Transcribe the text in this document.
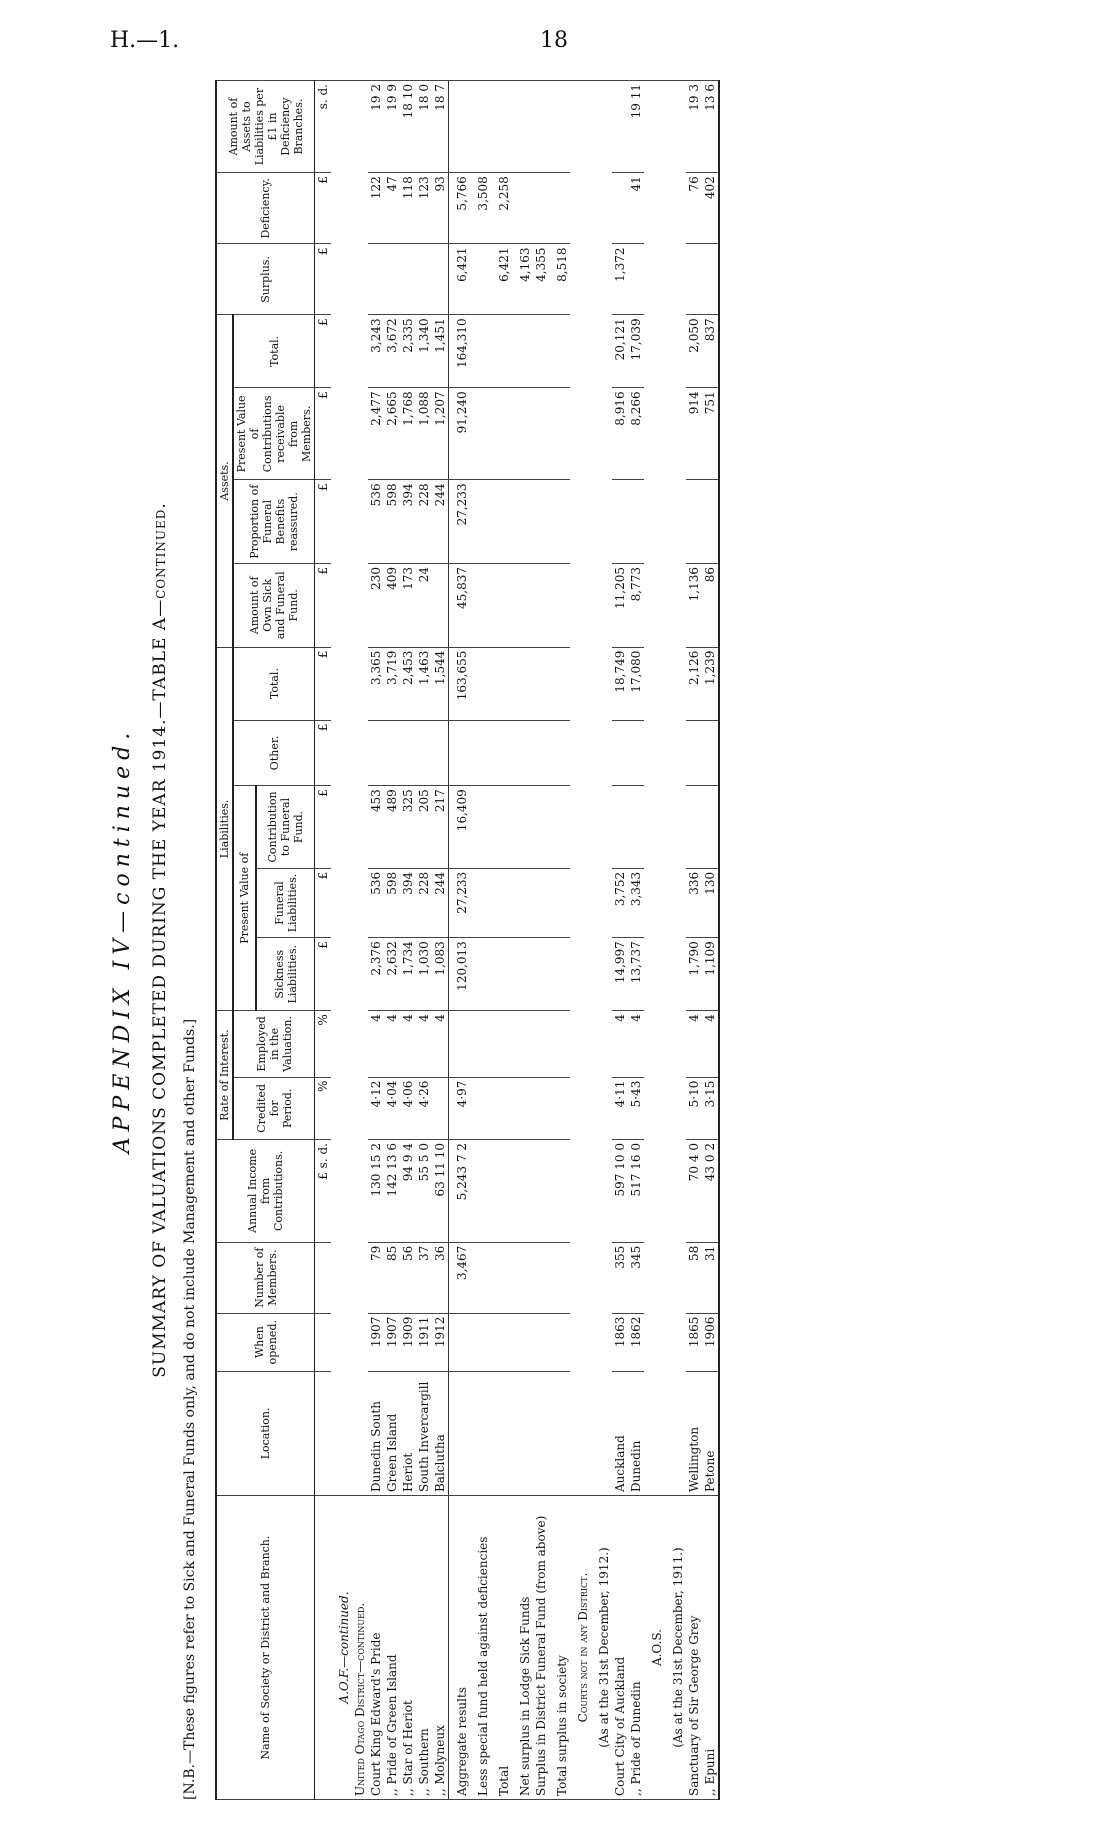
H.—1.	18
APPENDIX IV—continued. SUMMARY OF VALUATIONS COMPLETED DURING THE YEAR 1914.—TABLE A—continued.
[N.B.—These figures refer to Sick and Funeral Funds only, and do not include Management and other Funds.]	Name of Society or District and Branch.	Location.	When opened.	Number of Members.	Annual Income from Contributions.	Rate of Interest.		Liabilities.					Assets.				Surplus.	Deficiency.	Amount of Assets to Liabilities per £1 in Deficiency Branches.
					Credited for Period.	Employed in the Valuation.	Present Value of			Other.	Total.	Amount of Own Sick and Funeral Fund.	Proportion of Funeral Benefits reassured.	Present Value of Contributions receivable from Members.	Total.			
							Sickness Liabilities.	Funeral Liabilities.	Contribution to Funeral Fund.									
				£ s. d.	%	%	£	£	£	£	£	£	£	£	£	£	£	s. d.
A.O.F.—continued.																		
United Otago District—continued.																		
Court King Edward's Pride	Dunedin South	1907	79	130 15 2	4·12	4	2,376	536	453		3,365	230	536	2,477	3,243		122	19 2
,, Pride of Green Island	Green Island	1907	85	142 13 6	4·04	4	2,632	598	489		3,719	409	598	2,665	3,672		47	19 9
,, Star of Heriot	Heriot	1909	56	94 9 4	4·06	4	1,734	394	325		2,453	173	394	1,768	2,335		118	18 10
,, Southern	South Invercargill	1911	37	55 5 0	4·26	4	1,030	228	205		1,463	24	228	1,088	1,340		123	18 0
,, Molyneux	Balclutha	1912	36	63 11 10		4	1,083	244	217		1,544		244	1,207	1,451		93	18 7
Aggregate results			3,467	5,243 7 2	4·97		120,013	27,233	16,409		163,655	45,837	27,233	91,240	164,310	6,421	5,766	
Less special fund held against deficiencies																	3,508	
Total																6,421	2,258	
Net surplus in Lodge Sick Funds																4,163		
Surplus in District Funeral Fund (from above)																4,355		
Total surplus in society																8,518		
Courts not in any District.																		
(As at the 31st December, 1912.)																		
Court City of Auckland	Auckland	1863	355	597 10 0	4·11	4	14,997	3,752			18,749	11,205		8,916	20,121	1,372		
,, Pride of Dunedin	Dunedin	1862	345	517 16 0	5·43	4	13,737	3,343			17,080	8,773		8,266	17,039		41	19 11
A.O.S.																		
(As at the 31st December, 1911.)																		
Sanctuary of Sir George Grey	Wellington	1865	58	70 4 0	5·10	4	1,790	336			2,126	1,136		914	2,050		76	19 3
,, Epuni	Petone	1906	31	43 0 2	3·15	4	1,109	130			1,239	86		751	837		402	13 6
